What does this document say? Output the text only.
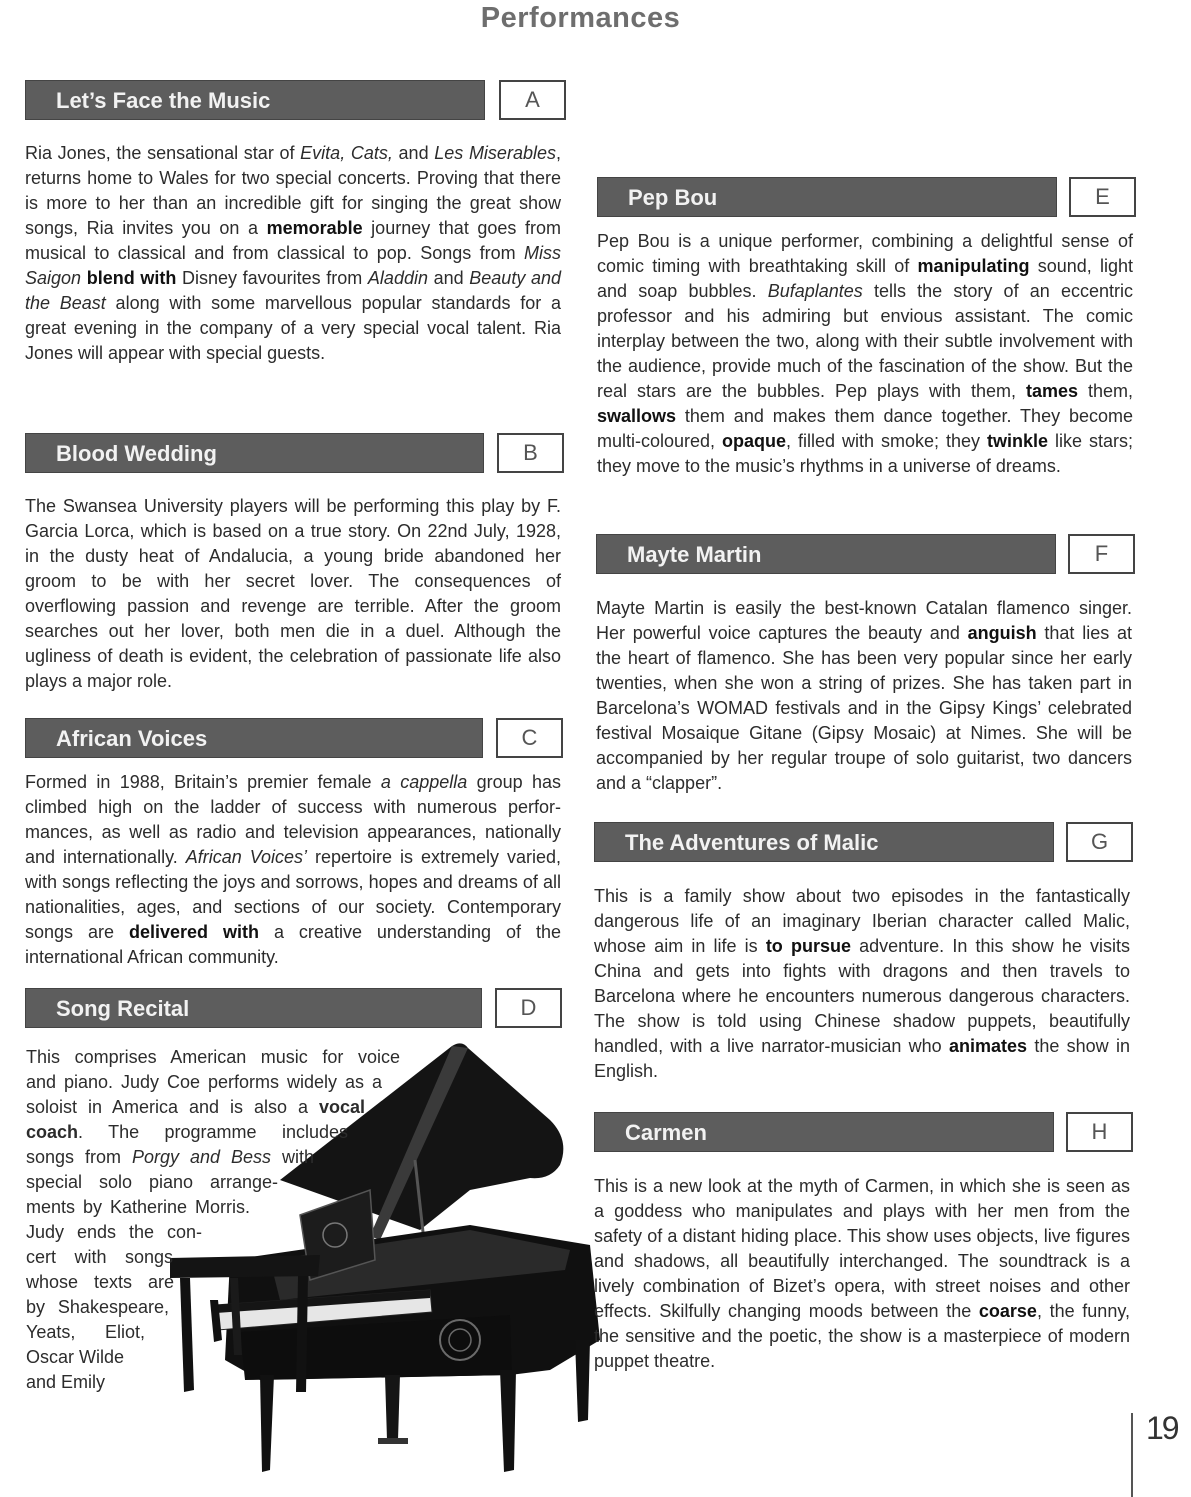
Performances
Let’s Face the Music	A
Ria Jones, the sensational star of Evita, Cats, and Les Miserables, returns home to Wales for two special concerts. Proving that there is more to her than an incredible gift for singing the great show songs, Ria invites you on a memorable journey that goes from musical to classical and from classical to pop. Songs from Miss Saigon blend with Disney favourites from Aladdin and Beauty and the Beast along with some marvellous popular standards for a great evening in the company of a very special vocal talent. Ria Jones will appear with special guests.
Blood Wedding	B
The Swansea University players will be performing this play by F. Garcia Lorca, which is based on a true story. On 22nd July, 1928, in the dusty heat of Andalucia, a young bride abandoned her groom to be with her secret lover. The consequences of overflowing passion and revenge are terrible. After the groom searches out her lover, both men die in a duel. Although the ugliness of death is evident, the celebration of passionate life also plays a major role.
African Voices	C
Formed in 1988, Britain’s premier female a cappella group has climbed high on the ladder of success with numerous performances, as well as radio and television appearances, nationally and internationally. African Voices’ repertoire is extremely varied, with songs reflecting the joys and sorrows, hopes and dreams of all nationalities, ages, and sections of our society. Contemporary songs are delivered with a creative understanding of the international African community.
Song Recital	D
This comprises American music for voice
and piano. Judy Coe performs widely as a
soloist in America and is also a vocal
coach. The programme includes
songs from Porgy and Bess with
special solo piano arrange-
ments by Katherine Morris.
Judy ends the con-
cert with songs
whose texts are
by Shakespeare,
Yeats, Eliot,
Oscar Wilde
and Emily
Pep Bou	E
Pep Bou is a unique performer, combining a delightful sense of comic timing with breathtaking skill of manipulating sound, light and soap bubbles. Bufaplantes tells the story of an eccentric professor and his admiring but envious assistant. The comic interplay between the two, along with their subtle involvement with the audience, provide much of the fascination of the show. But the real stars are the bubbles. Pep plays with them, tames them, swallows them and makes them dance together. They become multi-coloured, opaque, filled with smoke; they twinkle like stars; they move to the music’s rhythms in a universe of dreams.
Mayte Martin	F
Mayte Martin is easily the best-known Catalan flamenco singer. Her powerful voice captures the beauty and anguish that lies at the heart of flamenco. She has been very popular since her early twenties, when she won a string of prizes. She has taken part in Barcelona’s WOMAD festivals and in the Gipsy Kings’ celebrated festival Mosaique Gitane (Gipsy Mosaic) at Nimes. She will be accompanied by her regular troupe of solo guitarist, two dancers and a “clapper”.
The Adventures of Malic	G
This is a family show about two episodes in the fantastically dangerous life of an imaginary Iberian character called Malic, whose aim in life is to pursue adventure. In this show he visits China and gets into fights with dragons and then travels to Barcelona where he encounters numerous dangerous characters. The show is told using Chinese shadow puppets, beautifully handled, with a live narrator-musician who animates the show in English.
Carmen	H
This is a new look at the myth of Carmen, in which she is seen as a goddess who manipulates and plays with her men from the safety of a distant hiding place. This show uses objects, live figures and shadows, all beautifully interchanged. The soundtrack is a lively combination of Bizet’s opera, with street noises and other effects. Skilfully changing moods between the coarse, the funny, the sensitive and the poetic, the show is a masterpiece of modern puppet theatre.
19
